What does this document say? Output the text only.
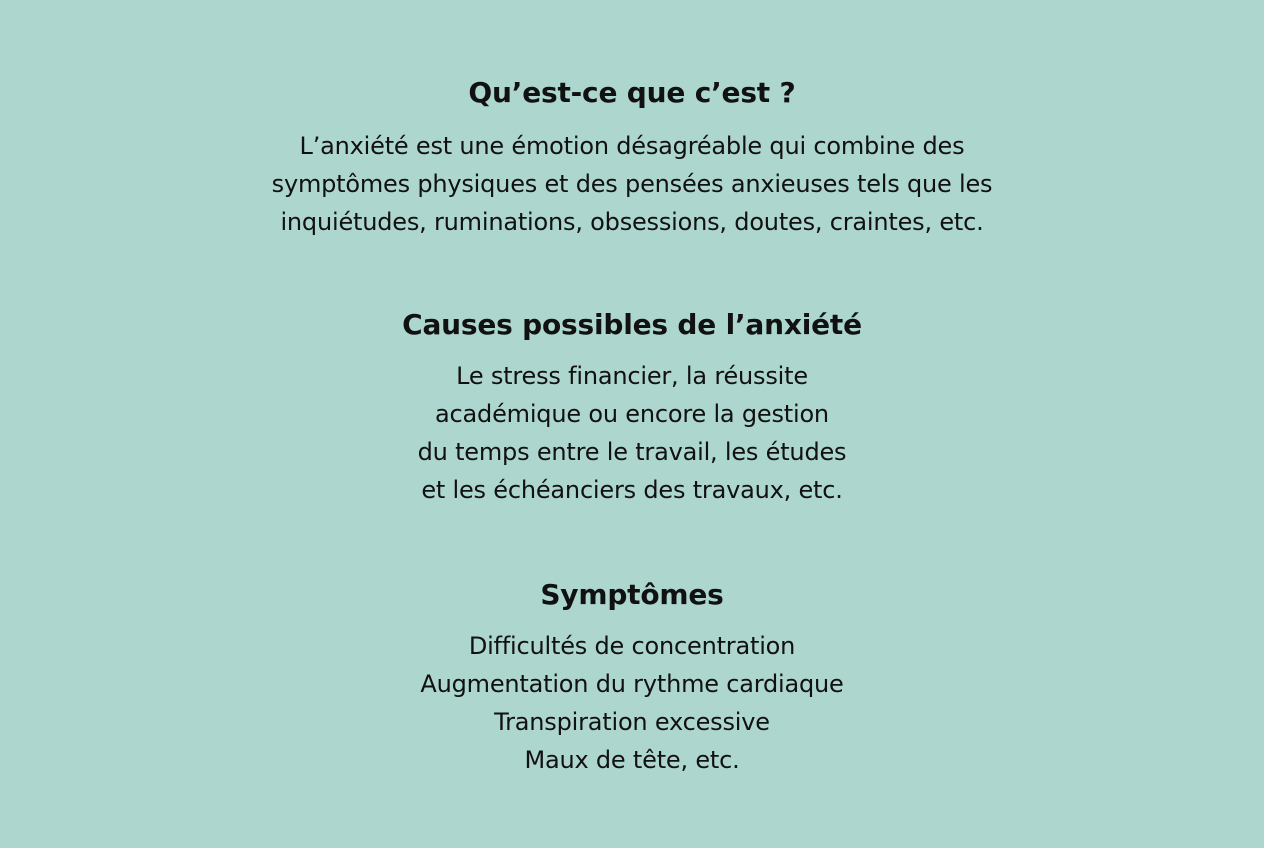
Qu’est-ce que c’est ?
L’anxiété est une émotion désagréable qui combine des
symptômes physiques et des pensées anxieuses tels que les
inquiétudes, ruminations, obsessions, doutes, craintes, etc.
Causes possibles de l’anxiété
Le stress financier, la réussite
académique ou encore la gestion
du temps entre le travail, les études
et les échéanciers des travaux, etc.
Symptômes
Difficultés de concentration
Augmentation du rythme cardiaque
Transpiration excessive
Maux de tête, etc.
